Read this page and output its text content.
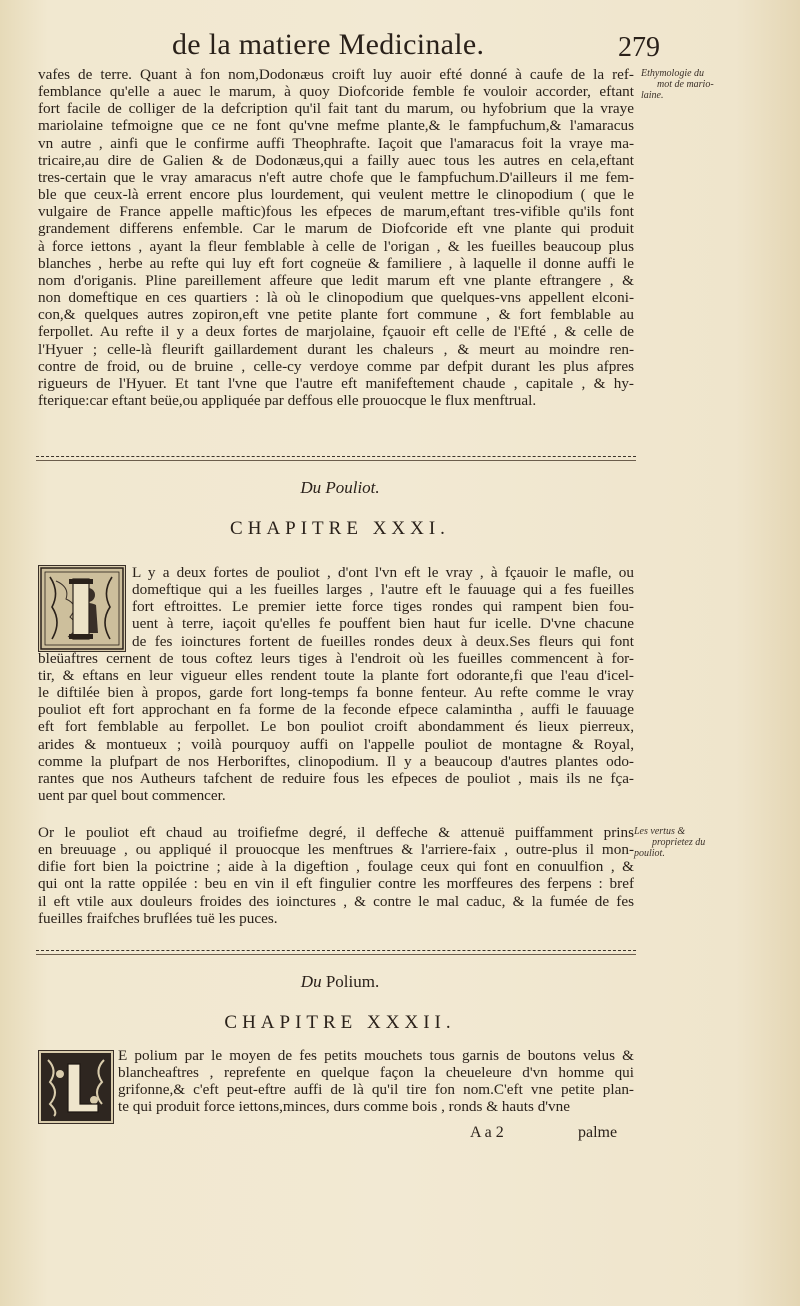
de la matiere Medicinale.	279
vafes de terre. Quant à fon nom,Dodonæus croift luy auoir efté donné à caufe de la ref-
femblance qu'elle a auec le marum, à quoy Diofcoride femble fe vouloir accorder, eftant
fort facile de colliger de la defcription qu'il fait tant du marum, ou hyfobrium que la vraye
mariolaine tefmoigne que ce ne font qu'vne mefme plante,& le fampfuchum,& l'amaracus
vn autre , ainfi que le confirme auffi Theophrafte. Iaçoit que l'amaracus foit la vraye ma-
tricaire,au dire de Galien & de Dodonæus,qui a failly auec tous les autres en cela,eftant
tres-certain que le vray amaracus n'eft autre chofe que le fampfuchum.D'ailleurs il me fem-
ble que ceux-là errent encore plus lourdement, qui veulent mettre le clinopodium ( que le
vulgaire de France appelle maftic)fous les efpeces de marum,eftant tres-vifible qu'ils font
grandement differens enfemble. Car le marum de Diofcoride eft vne plante qui produit
à force iettons , ayant la fleur femblable à celle de l'origan , & les fueilles beaucoup plus
blanches , herbe au refte qui luy eft fort cogneüe & familiere , à laquelle il donne auffi le
nom d'origanis. Pline pareillement affeure que ledit marum eft vne plante eftrangere , &
non domeftique en ces quartiers : là où le clinopodium que quelques-vns appellent elconi-
con,& quelques autres zopiron,eft vne petite plante fort commune , & fort femblable au
ferpollet. Au refte il y a deux fortes de marjolaine, fçauoir eft celle de l'Efté , & celle de
l'Hyuer ; celle-là fleurift gaillardement durant les chaleurs , & meurt au moindre ren-
contre de froid, ou de bruine , celle-cy verdoye comme par defpit durant les plus afpres
rigueurs de l'Hyuer. Et tant l'vne que l'autre eft manifeftement chaude , capitale , & hy-
fterique:car eftant beüe,ou appliquée par deffous elle prouocque le flux menftrual.
Ethymologie du
mot de mario-
laine.
Du Pouliot.
CHAPITRE XXXI.
L y a deux fortes de pouliot , d'ont l'vn eft le vray , à fçauoir le mafle, ou
domeftique qui a les fueilles larges , l'autre eft le fauuage qui a fes fueilles
fort eftroittes. Le premier iette force tiges rondes qui rampent bien fou-
uent à terre, iaçoit qu'elles fe pouffent bien haut fur icelle. D'vne chacune
de fes ioinctures fortent de fueilles rondes deux à deux.Ses fleurs qui font
bleüaftres cernent de tous coftez leurs tiges à l'endroit où les fueilles commencent à for-
tir, & eftans en leur vigueur elles rendent toute la plante fort odorante,fi que l'eau d'icel-
le diftilée bien à propos, garde fort long-temps fa bonne fenteur. Au refte comme le vray
pouliot eft fort approchant en fa forme de la feconde efpece calamintha , auffi le fauuage
eft fort femblable au ferpollet. Le bon pouliot croift abondamment és lieux pierreux,
arides & montueux ; voilà pourquoy auffi on l'appelle pouliot de montagne & Royal,
comme la plufpart de nos Herboriftes, clinopodium. Il y a beaucoup d'autres plantes odo-
rantes que nos Autheurs tafchent de reduire fous les efpeces de pouliot , mais ils ne fça-
uent par quel bout commencer.
Or le pouliot eft chaud au troifiefme degré, il deffeche & attenuë puiffamment prins
en breuuage , ou appliqué il prouocque les menftrues & l'arriere-faix , outre-plus il mon-
difie fort bien la poictrine ; aide à la digeftion , foulage ceux qui font en conuulfion , &
qui ont la ratte oppilée : beu en vin il eft fingulier contre les morffeures des ferpens : bref
il eft vtile aux douleurs froides des ioinctures , & contre le mal caduc, & la fumée de fes
fueilles fraifches bruflées tuë les puces.
Les vertus &
proprietez du
pouliot.
Du Polium.
CHAPITRE XXXII.
E polium par le moyen de fes petits mouchets tous garnis de boutons velus &
blancheaftres , reprefente en quelque façon la cheueleure d'vn homme qui
grifonne,& c'eft peut-eftre auffi de là qu'il tire fon nom.C'eft vne petite plan-
te qui produit force iettons,minces, durs comme bois , ronds & hauts d'vne
A a 2	palme
